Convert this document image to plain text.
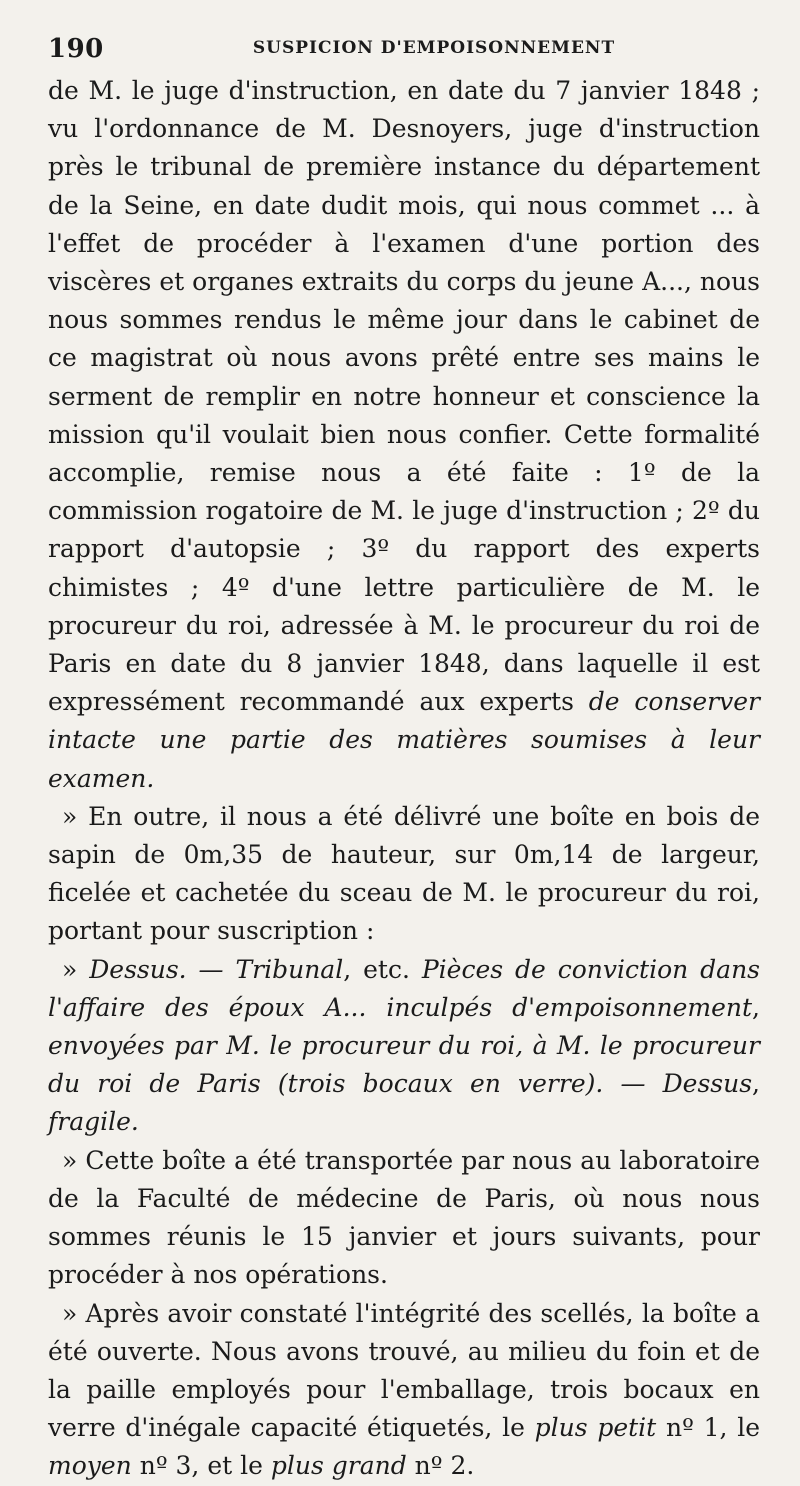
190	SUSPICION D'EMPOISONNEMENT

de M. le juge d'instruction, en date du 7 janvier 1848 ; vu l'ordonnance de M. Desnoyers, juge d'instruction près le tribunal de première instance du département de la Seine, en date dudit mois, qui nous commet ... à l'effet de procéder à l'examen d'une portion des viscères et organes extraits du corps du jeune A..., nous nous sommes rendus le même jour dans le cabinet de ce magistrat où nous avons prêté entre ses mains le serment de remplir en notre honneur et conscience la mission qu'il voulait bien nous confier. Cette formalité accomplie, remise nous a été faite : 1º de la commission rogatoire de M. le juge d'instruction ; 2º du rapport d'autopsie ; 3º du rapport des experts chimistes ; 4º d'une lettre particulière de M. le procureur du roi, adressée à M. le procureur du roi de Paris en date du 8 janvier 1848, dans laquelle il est expressément recommandé aux experts de conserver intacte une partie des matières soumises à leur examen.

» En outre, il nous a été délivré une boîte en bois de sapin de 0m,35 de hauteur, sur 0m,14 de largeur, ficelée et cachetée du sceau de M. le procureur du roi, portant pour suscription :

» Dessus. — Tribunal, etc. Pièces de conviction dans l'affaire des époux A... inculpés d'empoisonnement, envoyées par M. le procureur du roi, à M. le procureur du roi de Paris (trois bocaux en verre). — Dessus, fragile.

» Cette boîte a été transportée par nous au laboratoire de la Faculté de médecine de Paris, où nous nous sommes réunis le 15 janvier et jours suivants, pour procéder à nos opérations.

» Après avoir constaté l'intégrité des scellés, la boîte a été ouverte. Nous avons trouvé, au milieu du foin et de la paille employés pour l'emballage, trois bocaux en verre d'inégale capacité étiquetés, le plus petit nº 1, le moyen nº 3, et le plus grand nº 2.
